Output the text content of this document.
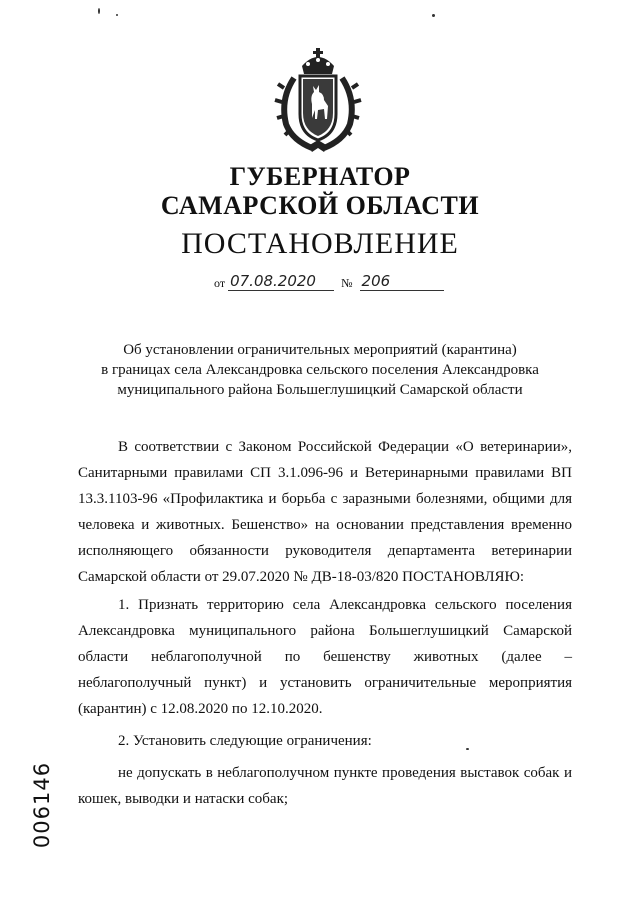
ГУБЕРНАТОР
САМАРСКОЙ ОБЛАСТИ
ПОСТАНОВЛЕНИЕ
от 07.08.2020 № 206
Об установлении ограничительных мероприятий (карантина)
в границах села Александровка сельского поселения Александровка
муниципального района Большеглушицкий Самарской области

В соответствии с Законом Российской Федерации «О ветеринарии», Санитарными правилами СП 3.1.096-96 и Ветеринарными правилами ВП 13.3.1103-96 «Профилактика и борьба с заразными болезнями, общими для человека и животных. Бешенство» на основании представления временно исполняющего обязанности руководителя департамента ветеринарии Самарской области от 29.07.2020 № ДВ-18-03/820 ПОСТАНОВЛЯЮ:

1. Признать территорию села Александровка сельского поселения Александровка муниципального района Большеглушицкий Самарской области неблагополучной по бешенству животных (далее – неблагополучный пункт) и установить ограничительные мероприятия (карантин) с 12.08.2020 по 12.10.2020.

2. Установить следующие ограничения:

не допускать в неблагополучном пункте проведения выставок собак и кошек, выводки и натаски собак;

006146
